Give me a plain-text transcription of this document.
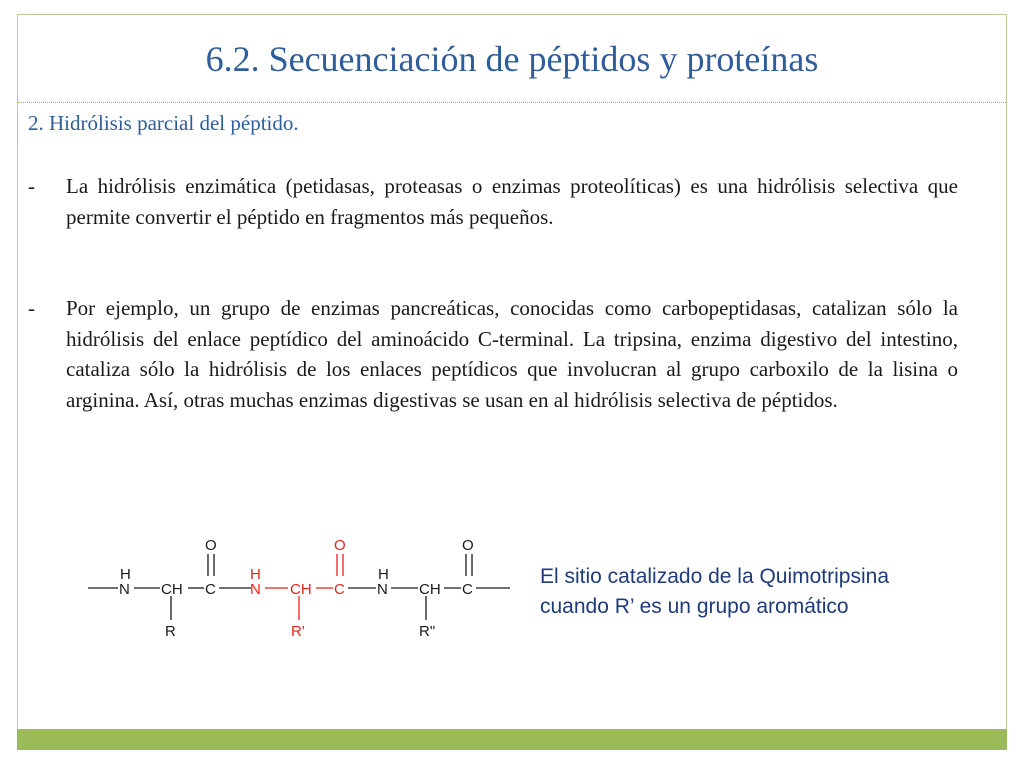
6.2. Secuenciación de péptidos y proteínas
2. Hidrólisis parcial del péptido.
- La hidrólisis enzimática (petidasas, proteasas o enzimas proteolíticas) es una hidrólisis selectiva que permite convertir el péptido en fragmentos más pequeños.
- Por ejemplo, un grupo de enzimas pancreáticas, conocidas como carbopeptidasas, catalizan sólo la hidrólisis del enlace peptídico del aminoácido C-terminal. La tripsina, enzima digestivo del intestino, cataliza sólo la hidrólisis de los enlaces peptídicos que involucran al grupo carboxilo de la lisina o arginina. Así, otras muchas enzimas digestivas se usan en al hidrólisis selectiva de péptidos.
H
N CH C
O
R
H
N CH C
O
R"
H
N CH C
O
R'
El sitio catalizado de la Quimotripsina
cuando R’ es un grupo aromático
